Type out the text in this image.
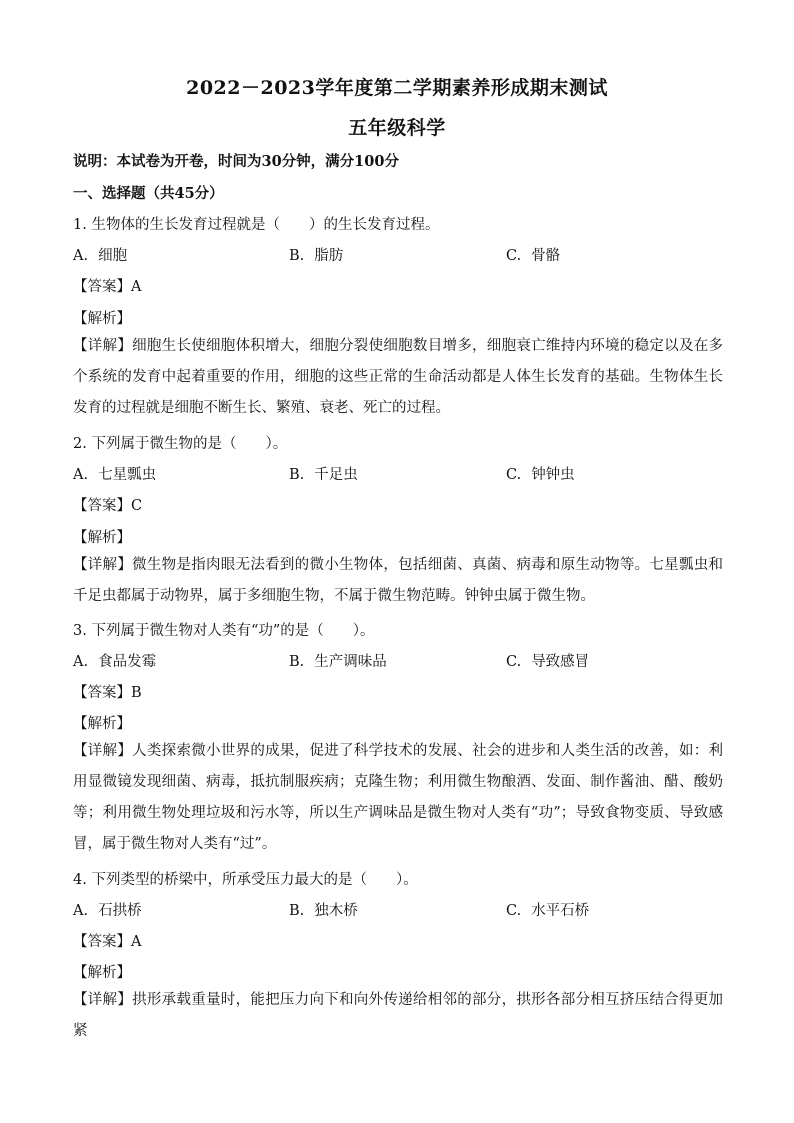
2022－2023学年度第二学期素养形成期末测试
五年级科学
说明：本试卷为开卷，时间为30分钟，满分100分
一、选择题（共45分）
1. 生物体的生长发育过程就是（　　）的生长发育过程。
A. 细胞	B. 脂肪	C. 骨骼
【答案】A
【解析】
【详解】细胞生长使细胞体积增大，细胞分裂使细胞数目增多，细胞衰亡维持内环境的稳定以及在多个系统的发育中起着重要的作用，细胞的这些正常的生命活动都是人体生长发育的基础。生物体生长发育的过程就是细胞不断生长、繁殖、衰老、死亡的过程。
2. 下列属于微生物的是（　　）。
A. 七星瓢虫	B. 千足虫	C. 钟钟虫
【答案】C
【解析】
【详解】微生物是指肉眼无法看到的微小生物体，包括细菌、真菌、病毒和原生动物等。七星瓢虫和千足虫都属于动物界，属于多细胞生物，不属于微生物范畴。钟钟虫属于微生物。
3. 下列属于微生物对人类有“功”的是（　　）。
A. 食品发霉	B. 生产调味品	C. 导致感冒
【答案】B
【解析】
【详解】人类探索微小世界的成果，促进了科学技术的发展、社会的进步和人类生活的改善，如：利用显微镜发现细菌、病毒，抵抗制服疾病；克隆生物；利用微生物酿酒、发面、制作酱油、醋、酸奶等；利用微生物处理垃圾和污水等，所以生产调味品是微生物对人类有“功”；导致食物变质、导致感冒，属于微生物对人类有“过”。
4. 下列类型的桥梁中，所承受压力最大的是（　　）。
A. 石拱桥	B. 独木桥	C. 水平石桥
【答案】A
【解析】
【详解】拱形承载重量时，能把压力向下和向外传递给相邻的部分，拱形各部分相互挤压结合得更加紧
